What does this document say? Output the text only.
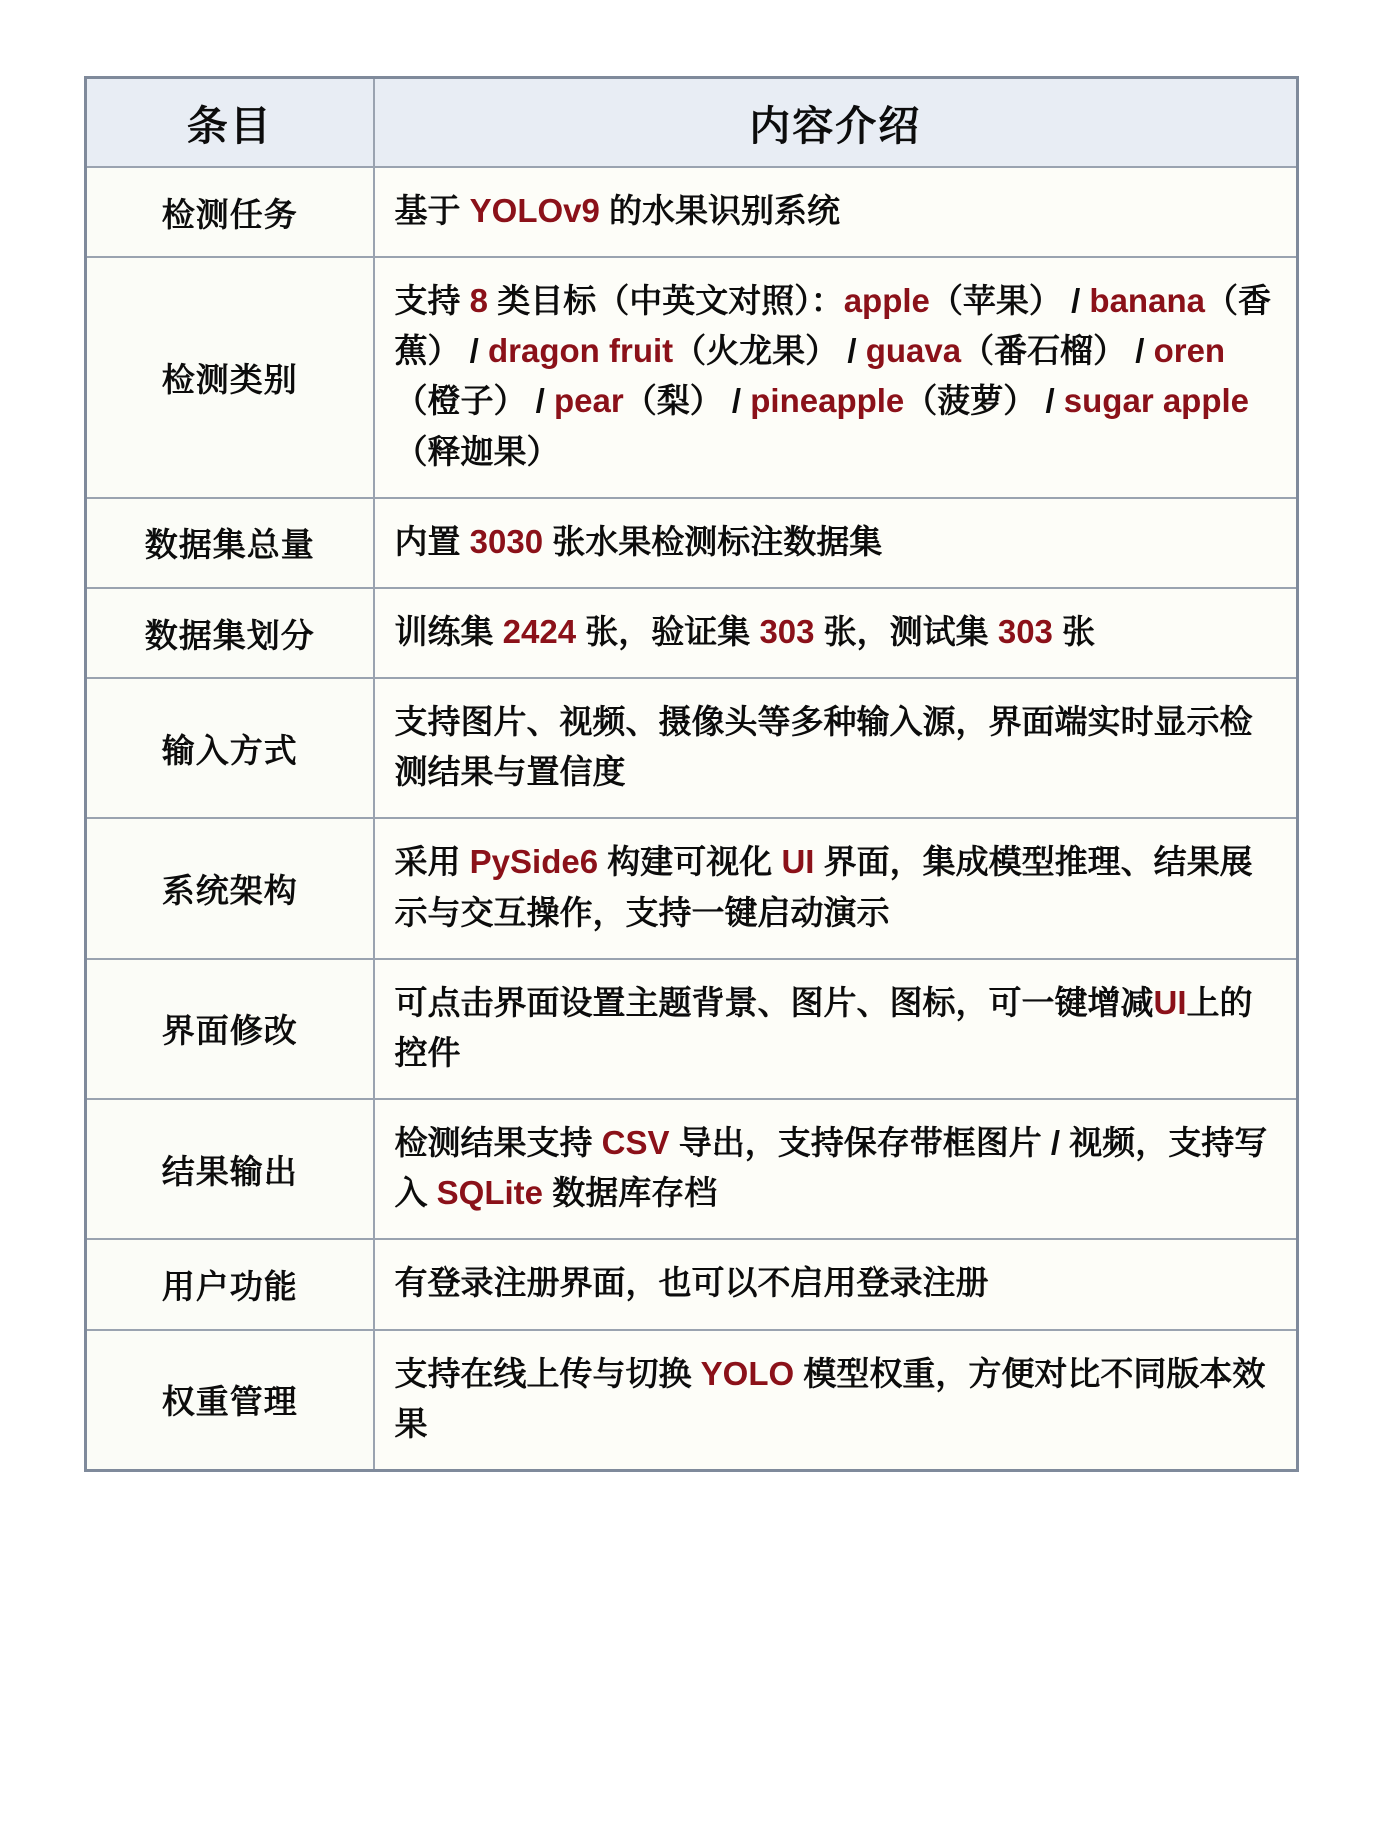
条目	内容介绍
检测任务	基于 YOLOv9 的水果识别系统
检测类别	支持 8 类目标（中英文对照）：apple（苹果） / banana（香蕉） / dragon fruit（火龙果） / guava（番石榴） / oren（橙子） / pear（梨） / pineapple（菠萝） / sugar apple（释迦果）
数据集总量	内置 3030 张水果检测标注数据集
数据集划分	训练集 2424 张，验证集 303 张，测试集 303 张
输入方式	支持图片、视频、摄像头等多种输入源，界面端实时显示检测结果与置信度
系统架构	采用 PySide6 构建可视化 UI 界面，集成模型推理、结果展示与交互操作，支持一键启动演示
界面修改	可点击界面设置主题背景、图片、图标，可一键增减UI上的控件
结果输出	检测结果支持 CSV 导出，支持保存带框图片 / 视频，支持写入 SQLite 数据库存档
用户功能	有登录注册界面，也可以不启用登录注册
权重管理	支持在线上传与切换 YOLO 模型权重，方便对比不同版本效果
